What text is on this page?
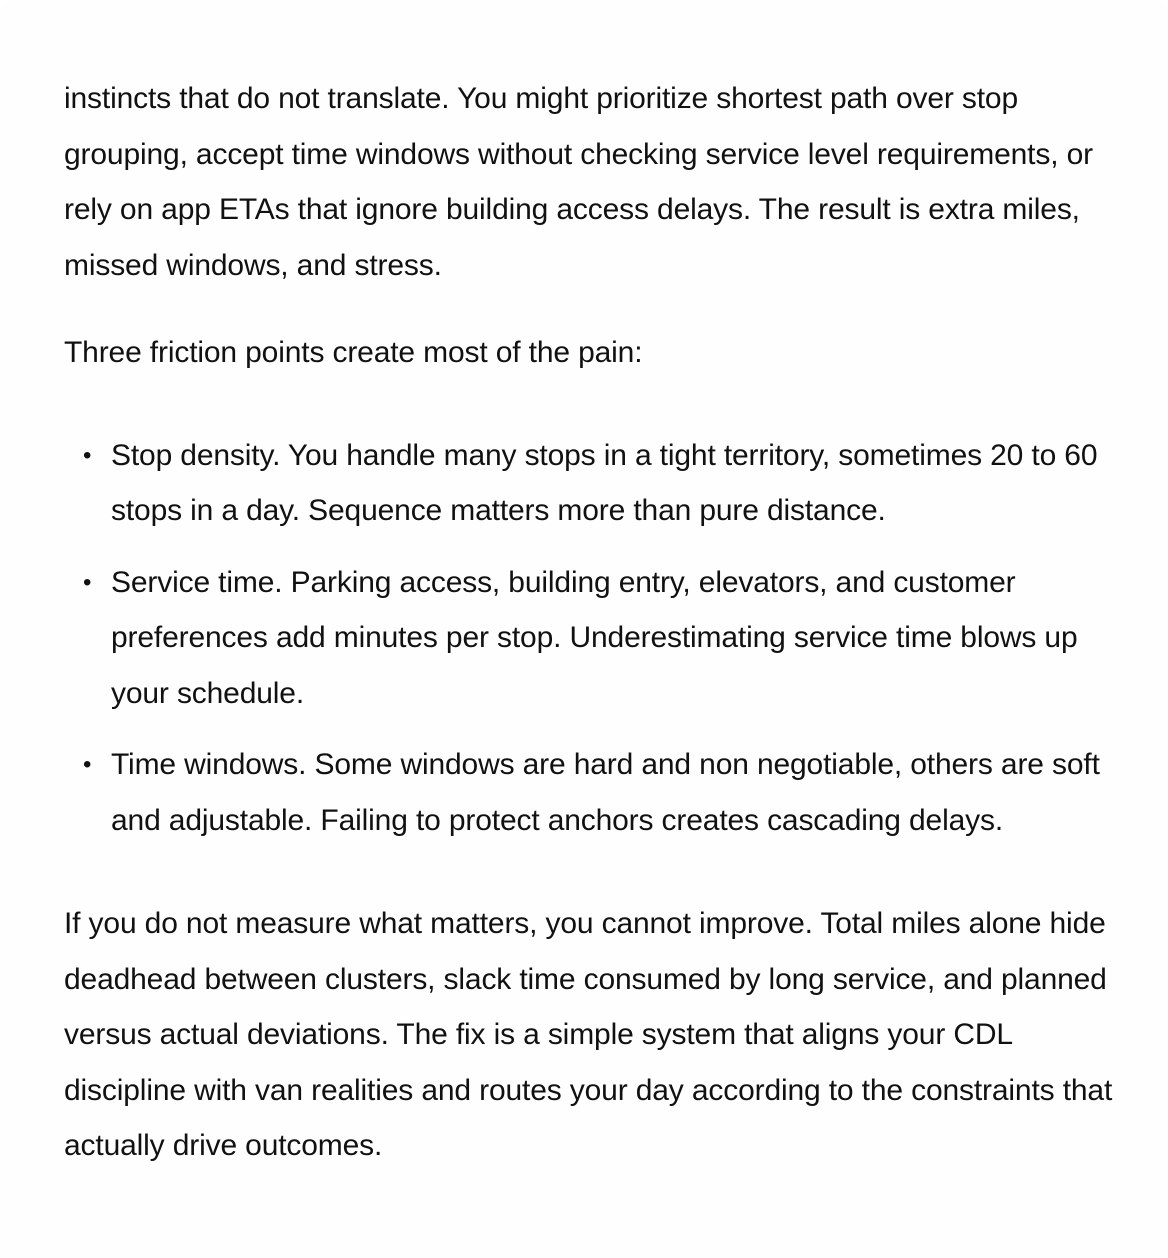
instincts that do not translate. You might prioritize shortest path over stop grouping, accept time windows without checking service level requirements, or rely on app ETAs that ignore building access delays. The result is extra miles, missed windows, and stress.

Three friction points create most of the pain:

• Stop density. You handle many stops in a tight territory, sometimes 20 to 60 stops in a day. Sequence matters more than pure distance.
• Service time. Parking access, building entry, elevators, and customer preferences add minutes per stop. Underestimating service time blows up your schedule.
• Time windows. Some windows are hard and non negotiable, others are soft and adjustable. Failing to protect anchors creates cascading delays.

If you do not measure what matters, you cannot improve. Total miles alone hide deadhead between clusters, slack time consumed by long service, and planned versus actual deviations. The fix is a simple system that aligns your CDL discipline with van realities and routes your day according to the constraints that actually drive outcomes.
